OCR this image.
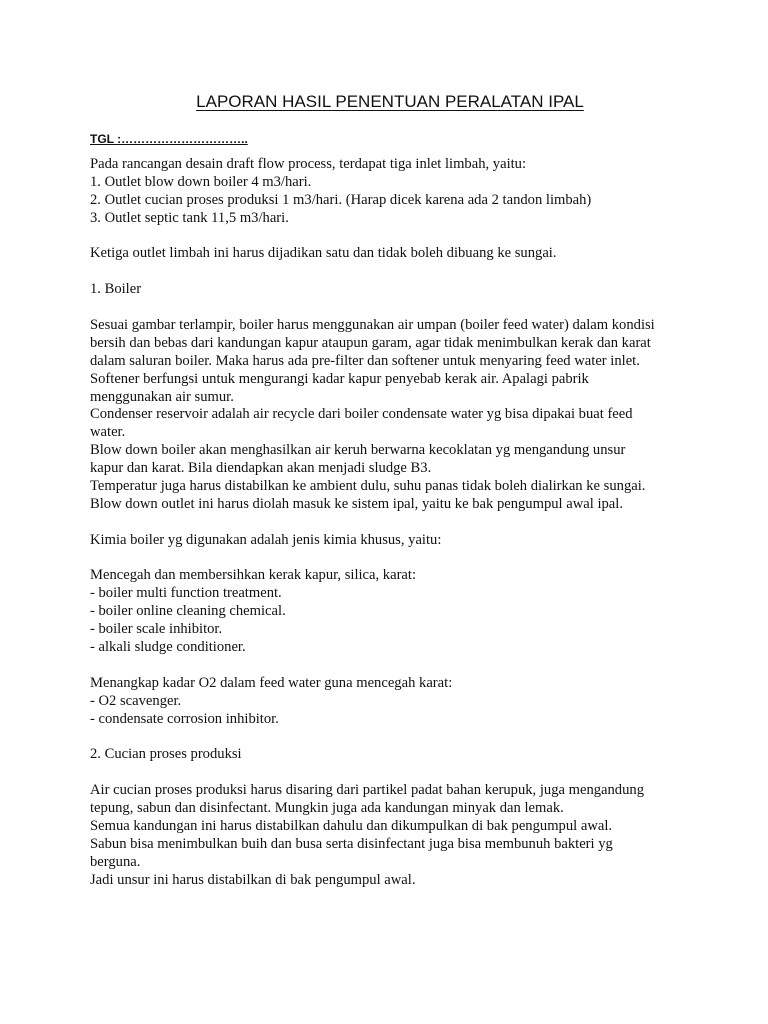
LAPORAN HASIL PENENTUAN PERALATAN IPAL
TGL :…………………………..
Pada rancangan desain draft flow process, terdapat tiga inlet limbah, yaitu:
1. Outlet blow down boiler 4 m3/hari.
2. Outlet cucian proses produksi 1 m3/hari. (Harap dicek karena ada 2 tandon limbah)
3. Outlet septic tank 11,5 m3/hari.
Ketiga outlet limbah ini harus dijadikan satu dan tidak boleh dibuang ke sungai.
1. Boiler
Sesuai gambar terlampir, boiler harus menggunakan air umpan (boiler feed water) dalam kondisi
bersih dan bebas dari kandungan kapur ataupun garam, agar tidak menimbulkan kerak dan karat
dalam saluran boiler. Maka harus ada pre-filter dan softener untuk menyaring feed water inlet.
Softener berfungsi untuk mengurangi kadar kapur penyebab kerak air. Apalagi pabrik
menggunakan air sumur.
Condenser reservoir adalah air recycle dari boiler condensate water yg bisa dipakai buat feed
water.
Blow down boiler akan menghasilkan air keruh berwarna kecoklatan yg mengandung unsur
kapur dan karat. Bila diendapkan akan menjadi sludge B3.
Temperatur juga harus distabilkan ke ambient dulu, suhu panas tidak boleh dialirkan ke sungai.
Blow down outlet ini harus diolah masuk ke sistem ipal, yaitu ke bak pengumpul awal ipal.
Kimia boiler yg digunakan adalah jenis kimia khusus, yaitu:
Mencegah dan membersihkan kerak kapur, silica, karat:
- boiler multi function treatment.
- boiler online cleaning chemical.
- boiler scale inhibitor.
- alkali sludge conditioner.
Menangkap kadar O2 dalam feed water guna mencegah karat:
- O2 scavenger.
- condensate corrosion inhibitor.
2. Cucian proses produksi
Air cucian proses produksi harus disaring dari partikel padat bahan kerupuk, juga mengandung
tepung, sabun dan disinfectant. Mungkin juga ada kandungan minyak dan lemak.
Semua kandungan ini harus distabilkan dahulu dan dikumpulkan di bak pengumpul awal.
Sabun bisa menimbulkan buih dan busa serta disinfectant juga bisa membunuh bakteri yg
berguna.
Jadi unsur ini harus distabilkan di bak pengumpul awal.
